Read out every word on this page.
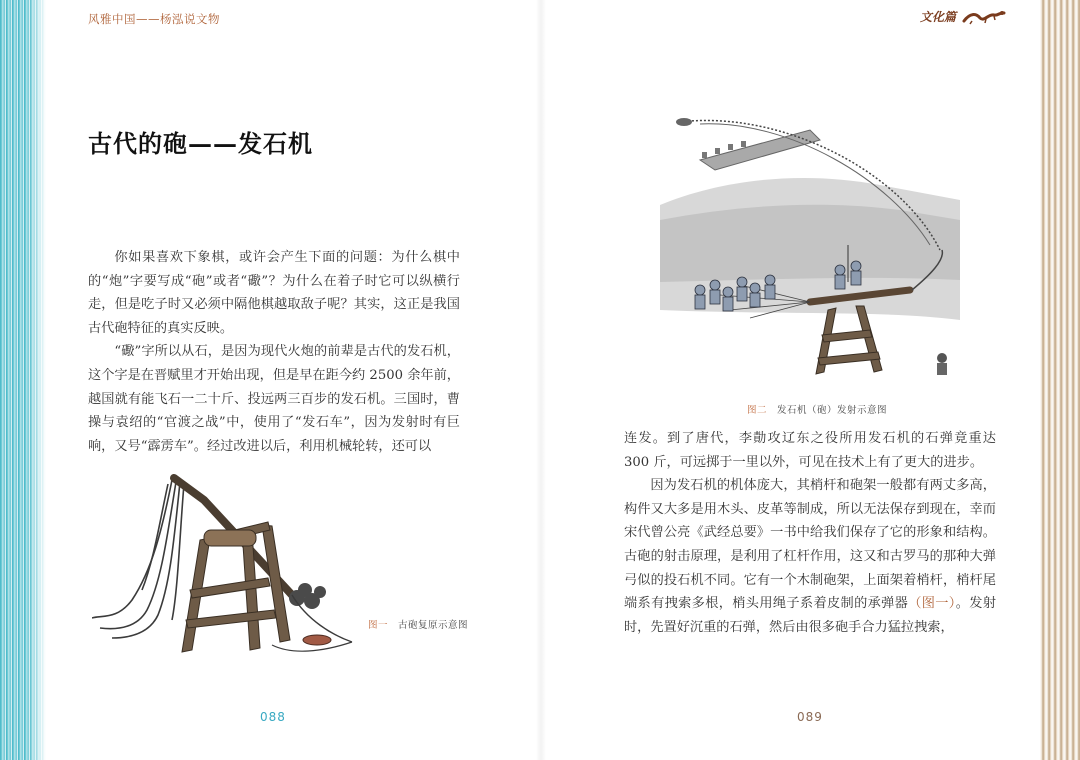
风雅中国——杨泓说文物	文化篇
古代的砲——发石机

你如果喜欢下象棋，或许会产生下面的问题：为什么棋中的“炮”字要写成“砲”或者“礮”？为什么在着子时它可以纵横行走，但是吃子时又必须中隔他棋越取敌子呢？其实，这正是我国古代砲特征的真实反映。

“礮”字所以从石，是因为现代火炮的前辈是古代的发石机，这个字是在晋赋里才开始出现，但是早在距今约 2500 余年前，越国就有能飞石一二十斤、投远两三百步的发石机。三国时，曹操与袁绍的“官渡之战”中，使用了“发石车”，因为发射时有巨响，又号“霹雳车”。经过改进以后，利用机械轮转，还可以

图一 古砲复原示意图
图二 发石机（砲）发射示意图

连发。到了唐代，李勣攻辽东之役所用发石机的石弹竟重达 300 斤，可远掷于一里以外，可见在技术上有了更大的进步。

因为发石机的机体庞大，其梢杆和砲架一般都有两丈多高，构件又大多是用木头、皮革等制成，所以无法保存到现在，幸而宋代曾公亮《武经总要》一书中给我们保存了它的形象和结构。古砲的射击原理，是利用了杠杆作用，这又和古罗马的那种大弹弓似的投石机不同。它有一个木制砲架，上面架着梢杆，梢杆尾端系有拽索多根，梢头用绳子系着皮制的承弹器（图一）。发射时，先置好沉重的石弹，然后由很多砲手合力猛拉拽索，

088	089
